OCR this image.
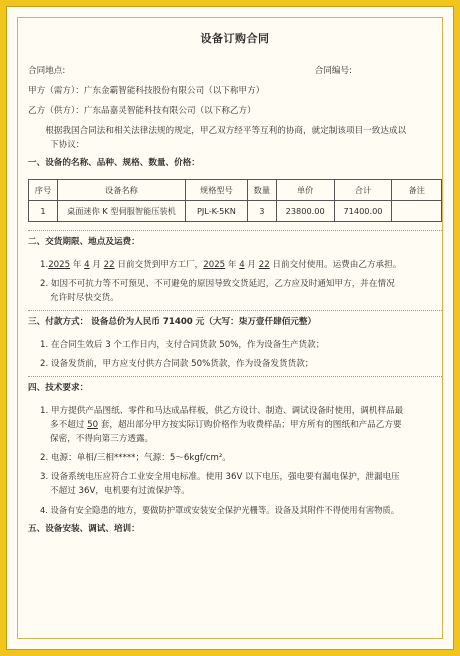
设备订购合同
合同地点:	合同编号:
甲方（需方）：广东金霸智能科技股份有限公司（以下称甲方）
乙方（供方）：广东品嘉灵智能科技有限公司（以下称乙方）
根据我国合同法和相关法律法规的规定，甲乙双方经平等互利的协商，就定制该项目一致达成以
下协议：
一、设备的名称、品种、规格、数量、价格：
序号	设备名称	规格型号	数量	单价	合计	备注
1	桌面迷你 K 型伺服智能压装机	PJL-K-5KN	3	23800.00	71400.00	
二、交货期限、地点及运费：
1.2025 年 4 月 22 日前交货到甲方工厂，2025 年 4 月 22 日前交付使用。运费由乙方承担。
2. 如因不可抗力等不可预见、不可避免的原因导致交货延迟，乙方应及时通知甲方，并在情况
允许时尽快交货。
三、付款方式： 设备总价为人民币 71400 元（大写：柒万壹仟肆佰元整）
1. 在合同生效后 3 个工作日内，支付合同货款 50%，作为设备生产货款；
2. 设备发货前，甲方应支付供方合同款 50%货款，作为设备发货货款；
四、技术要求：
1. 甲方提供产品图纸、零件和马达成品样板，供乙方设计、制造、调试设备时使用，调机样品最
多不超过 50 套，超出部分甲方按实际订购价格作为收费样品；甲方所有的图纸和产品乙方要
保密，不得向第三方透露。
2. 电源：单相/三相*****；气源：5～6kgf/cm²。
3. 设备系统电压应符合工业安全用电标准。使用 36V 以下电压，强电要有漏电保护，泄漏电压
不超过 36V，电机要有过流保护等。
4. 设备有安全隐患的地方，要做防护罩或安装安全保护光栅等。设备及其附件不得使用有害物质。
五、设备安装、调试、培训：
